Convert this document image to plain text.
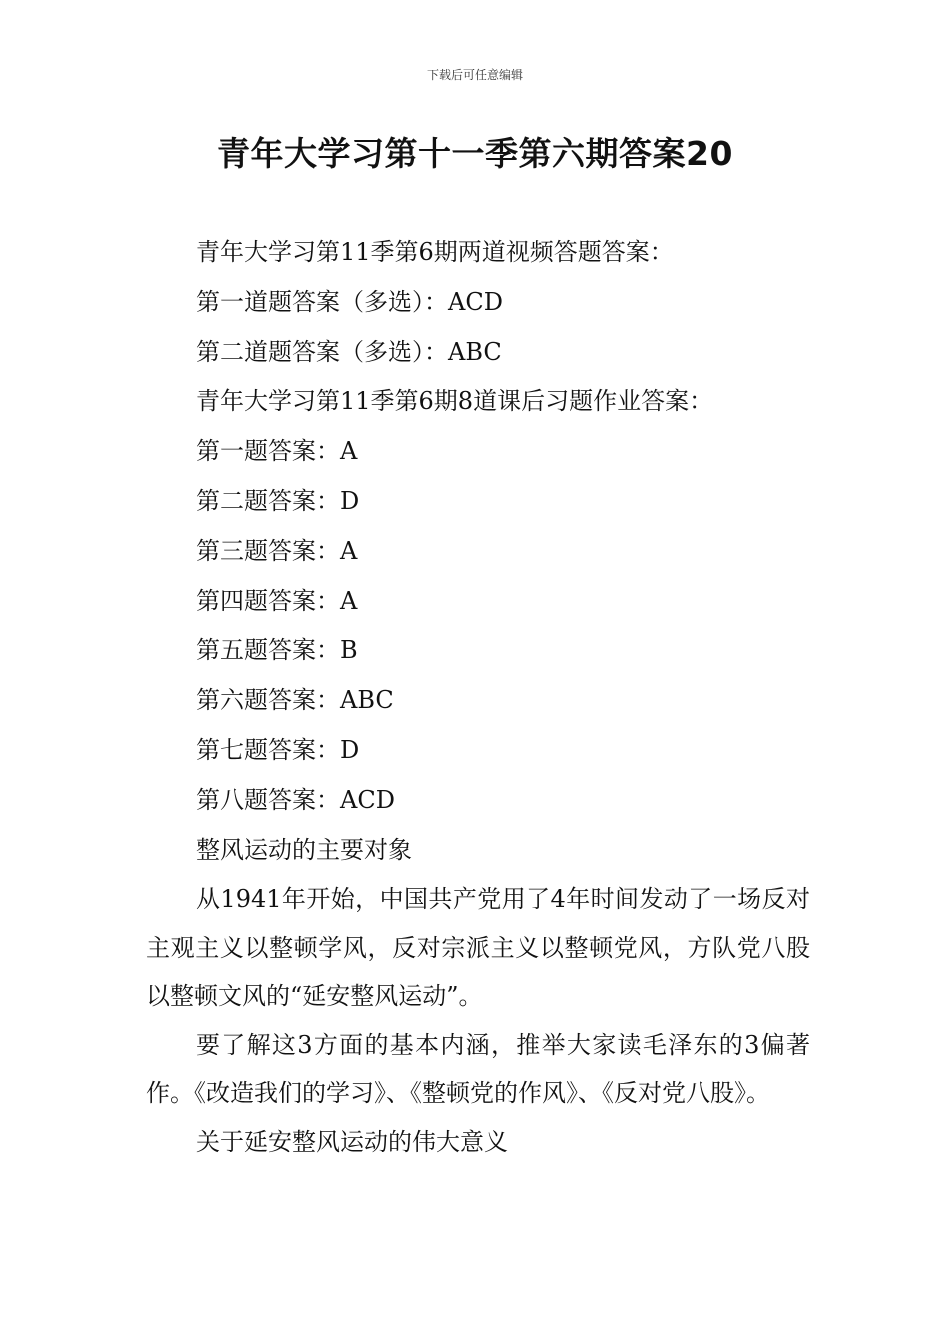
下载后可任意编辑
青年大学习第十一季第六期答案20

青年大学习第11季第6期两道视频答题答案：

第一道题答案（多选）：ACD

第二道题答案（多选）：ABC

青年大学习第11季第6期8道课后习题作业答案：

第一题答案：A

第二题答案：D

第三题答案：A

第四题答案：A

第五题答案：B

第六题答案：ABC

第七题答案：D

第八题答案：ACD

整风运动的主要对象

从1941年开始，中国共产党用了4年时间发动了一场反对主观主义以整顿学风，反对宗派主义以整顿党风，方队党八股以整顿文风的“延安整风运动”。

要了解这3方面的基本内涵，推举大家读毛泽东的3偏著作。《改造我们的学习》、《整顿党的作风》、《反对党八股》。

关于延安整风运动的伟大意义
